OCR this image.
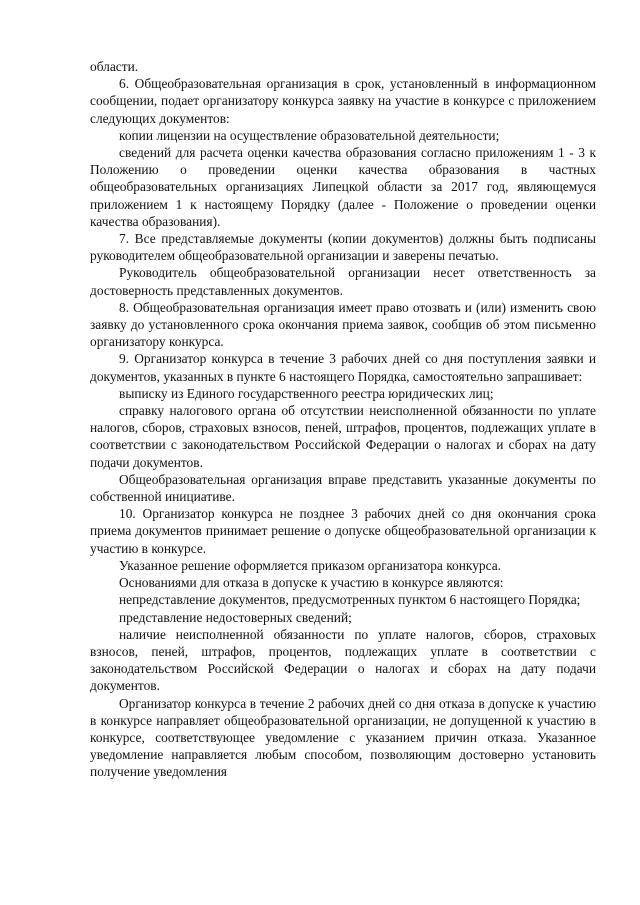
области.

6. Общеобразовательная организация в срок, установленный в информационном сообщении, подает организатору конкурса заявку на участие в конкурсе с приложением следующих документов:

копии лицензии на осуществление образовательной деятельности;

сведений для расчета оценки качества образования согласно приложениям 1 - 3 к Положению о проведении оценки качества образования в частных общеобразовательных организациях Липецкой области за 2017 год, являющемуся приложением 1 к настоящему Порядку (далее - Положение о проведении оценки качества образования).

7. Все представляемые документы (копии документов) должны быть подписаны руководителем общеобразовательной организации и заверены печатью.

Руководитель общеобразовательной организации несет ответственность за достоверность представленных документов.

8. Общеобразовательная организация имеет право отозвать и (или) изменить свою заявку до установленного срока окончания приема заявок, сообщив об этом письменно организатору конкурса.

9. Организатор конкурса в течение 3 рабочих дней со дня поступления заявки и документов, указанных в пункте 6 настоящего Порядка, самостоятельно запрашивает:

выписку из Единого государственного реестра юридических лиц;

справку налогового органа об отсутствии неисполненной обязанности по уплате налогов, сборов, страховых взносов, пеней, штрафов, процентов, подлежащих уплате в соответствии с законодательством Российской Федерации о налогах и сборах на дату подачи документов.

Общеобразовательная организация вправе представить указанные документы по собственной инициативе.

10. Организатор конкурса не позднее 3 рабочих дней со дня окончания срока приема документов принимает решение о допуске общеобразовательной организации к участию в конкурсе.

Указанное решение оформляется приказом организатора конкурса.

Основаниями для отказа в допуске к участию в конкурсе являются:

непредставление документов, предусмотренных пунктом 6 настоящего Порядка;

представление недостоверных сведений;

наличие неисполненной обязанности по уплате налогов, сборов, страховых взносов, пеней, штрафов, процентов, подлежащих уплате в соответствии с законодательством Российской Федерации о налогах и сборах на дату подачи документов.

Организатор конкурса в течение 2 рабочих дней со дня отказа в допуске к участию в конкурсе направляет общеобразовательной организации, не допущенной к участию в конкурсе, соответствующее уведомление с указанием причин отказа. Указанное уведомление направляется любым способом, позволяющим достоверно установить получение уведомления
